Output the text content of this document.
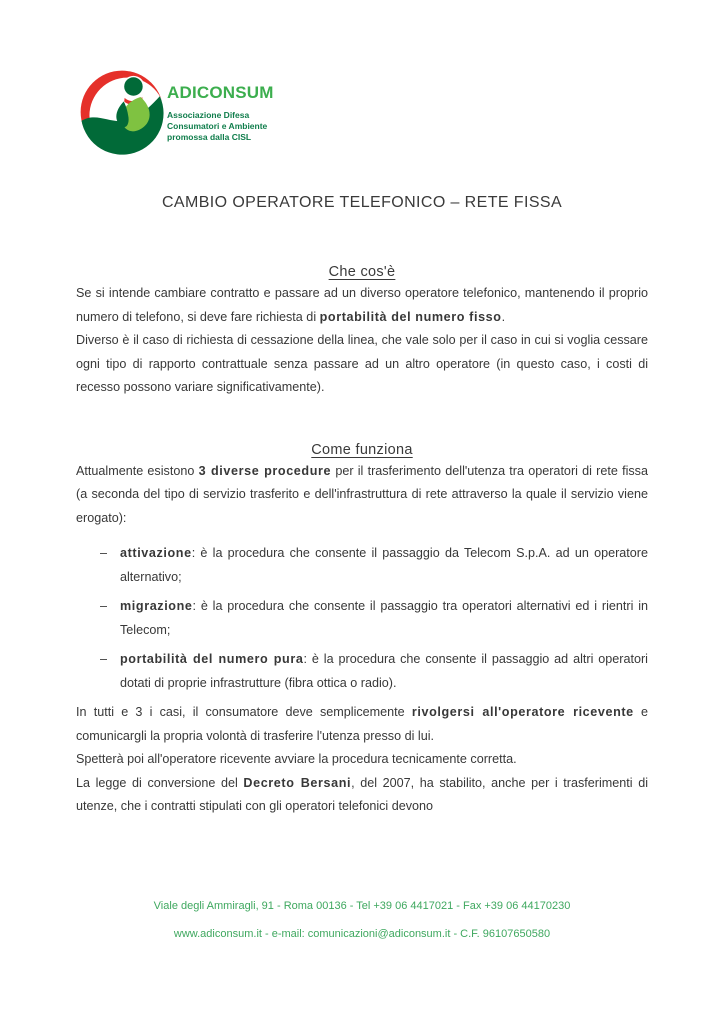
ADICONSUM
Associazione Difesa
Consumatori e Ambiente
promossa dalla CISL
CAMBIO OPERATORE TELEFONICO – RETE FISSA
Che cos'è

Se si intende cambiare contratto e passare ad un diverso operatore telefonico, mantenendo il proprio numero di telefono, si deve fare richiesta di portabilità del numero fisso.

Diverso è il caso di richiesta di cessazione della linea, che vale solo per il caso in cui si voglia cessare ogni tipo di rapporto contrattuale senza passare ad un altro operatore (in questo caso, i costi di recesso possono variare significativamente).

Come funziona

Attualmente esistono 3 diverse procedure per il trasferimento dell'utenza tra operatori di rete fissa (a seconda del tipo di servizio trasferito e dell'infrastruttura di rete attraverso la quale il servizio viene erogato):

– attivazione: è la procedura che consente il passaggio da Telecom S.p.A. ad un operatore alternativo;
– migrazione: è la procedura che consente il passaggio tra operatori alternativi ed i rientri in Telecom;
– portabilità del numero pura: è la procedura che consente il passaggio ad altri operatori dotati di proprie infrastrutture (fibra ottica o radio).

In tutti e 3 i casi, il consumatore deve semplicemente rivolgersi all'operatore ricevente e comunicargli la propria volontà di trasferire l'utenza presso di lui.

Spetterà poi all'operatore ricevente avviare la procedura tecnicamente corretta.

La legge di conversione del Decreto Bersani, del 2007, ha stabilito, anche per i trasferimenti di utenze, che i contratti stipulati con gli operatori telefonici devono

Viale degli Ammiragli, 91 - Roma 00136 - Tel +39 06 4417021 - Fax +39 06 44170230
www.adiconsum.it - e-mail: comunicazioni@adiconsum.it - C.F. 96107650580
